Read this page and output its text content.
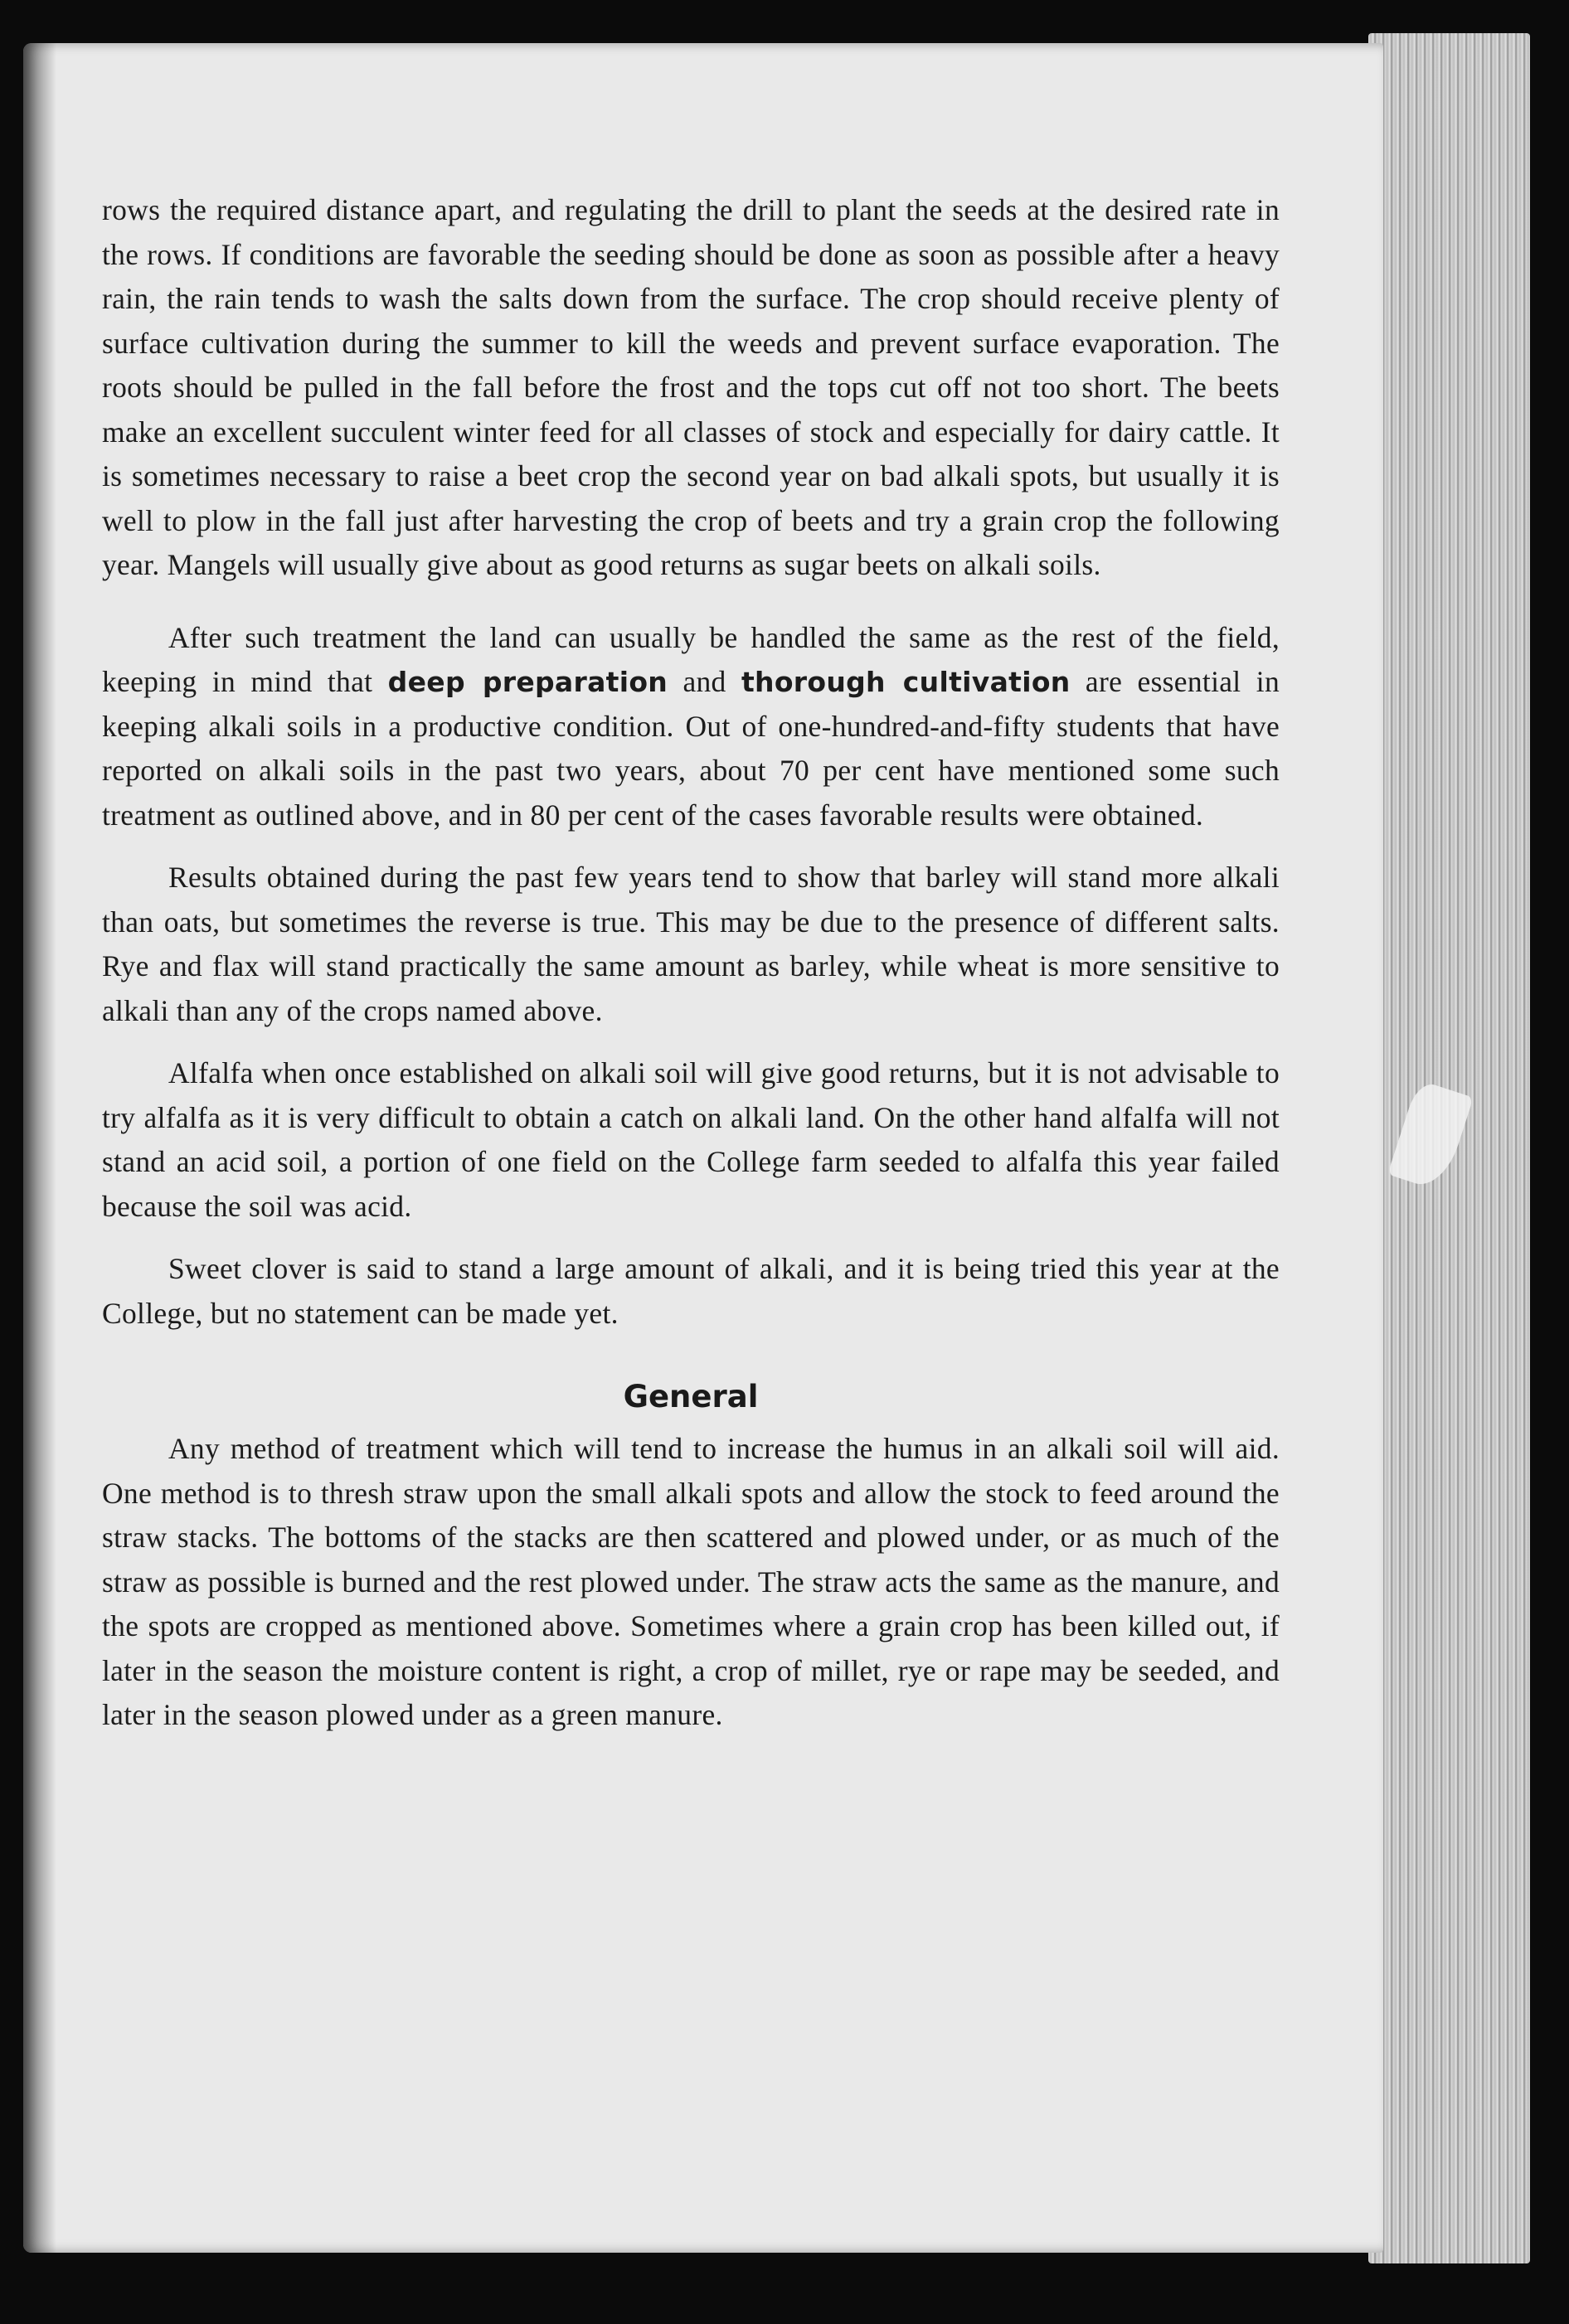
rows the required distance apart, and regulating the drill to plant the seeds at the desired rate in the rows. If conditions are favorable the seeding should be done as soon as possible after a heavy rain, the rain tends to wash the salts down from the surface. The crop should receive plenty of surface cultivation during the summer to kill the weeds and prevent surface evaporation. The roots should be pulled in the fall before the frost and the tops cut off not too short. The beets make an excellent succulent winter feed for all classes of stock and especially for dairy cattle. It is sometimes necessary to raise a beet crop the second year on bad alkali spots, but usually it is well to plow in the fall just after harvesting the crop of beets and try a grain crop the following year. Mangels will usually give about as good returns as sugar beets on alkali soils.

After such treatment the land can usually be handled the same as the rest of the field, keeping in mind that deep preparation and thorough cultivation are essential in keeping alkali soils in a productive condition. Out of one-hundred-and-fifty students that have reported on alkali soils in the past two years, about 70 per cent have mentioned some such treatment as outlined above, and in 80 per cent of the cases favorable results were obtained.

Results obtained during the past few years tend to show that barley will stand more alkali than oats, but sometimes the reverse is true. This may be due to the presence of different salts. Rye and flax will stand practically the same amount as barley, while wheat is more sensitive to alkali than any of the crops named above.

Alfalfa when once established on alkali soil will give good returns, but it is not advisable to try alfalfa as it is very difficult to obtain a catch on alkali land. On the other hand alfalfa will not stand an acid soil, a portion of one field on the College farm seeded to alfalfa this year failed because the soil was acid.

Sweet clover is said to stand a large amount of alkali, and it is being tried this year at the College, but no statement can be made yet.

General

Any method of treatment which will tend to increase the humus in an alkali soil will aid. One method is to thresh straw upon the small alkali spots and allow the stock to feed around the straw stacks. The bottoms of the stacks are then scattered and plowed under, or as much of the straw as possible is burned and the rest plowed under. The straw acts the same as the manure, and the spots are cropped as mentioned above. Sometimes where a grain crop has been killed out, if later in the season the moisture content is right, a crop of millet, rye or rape may be seeded, and later in the season plowed under as a green manure.
